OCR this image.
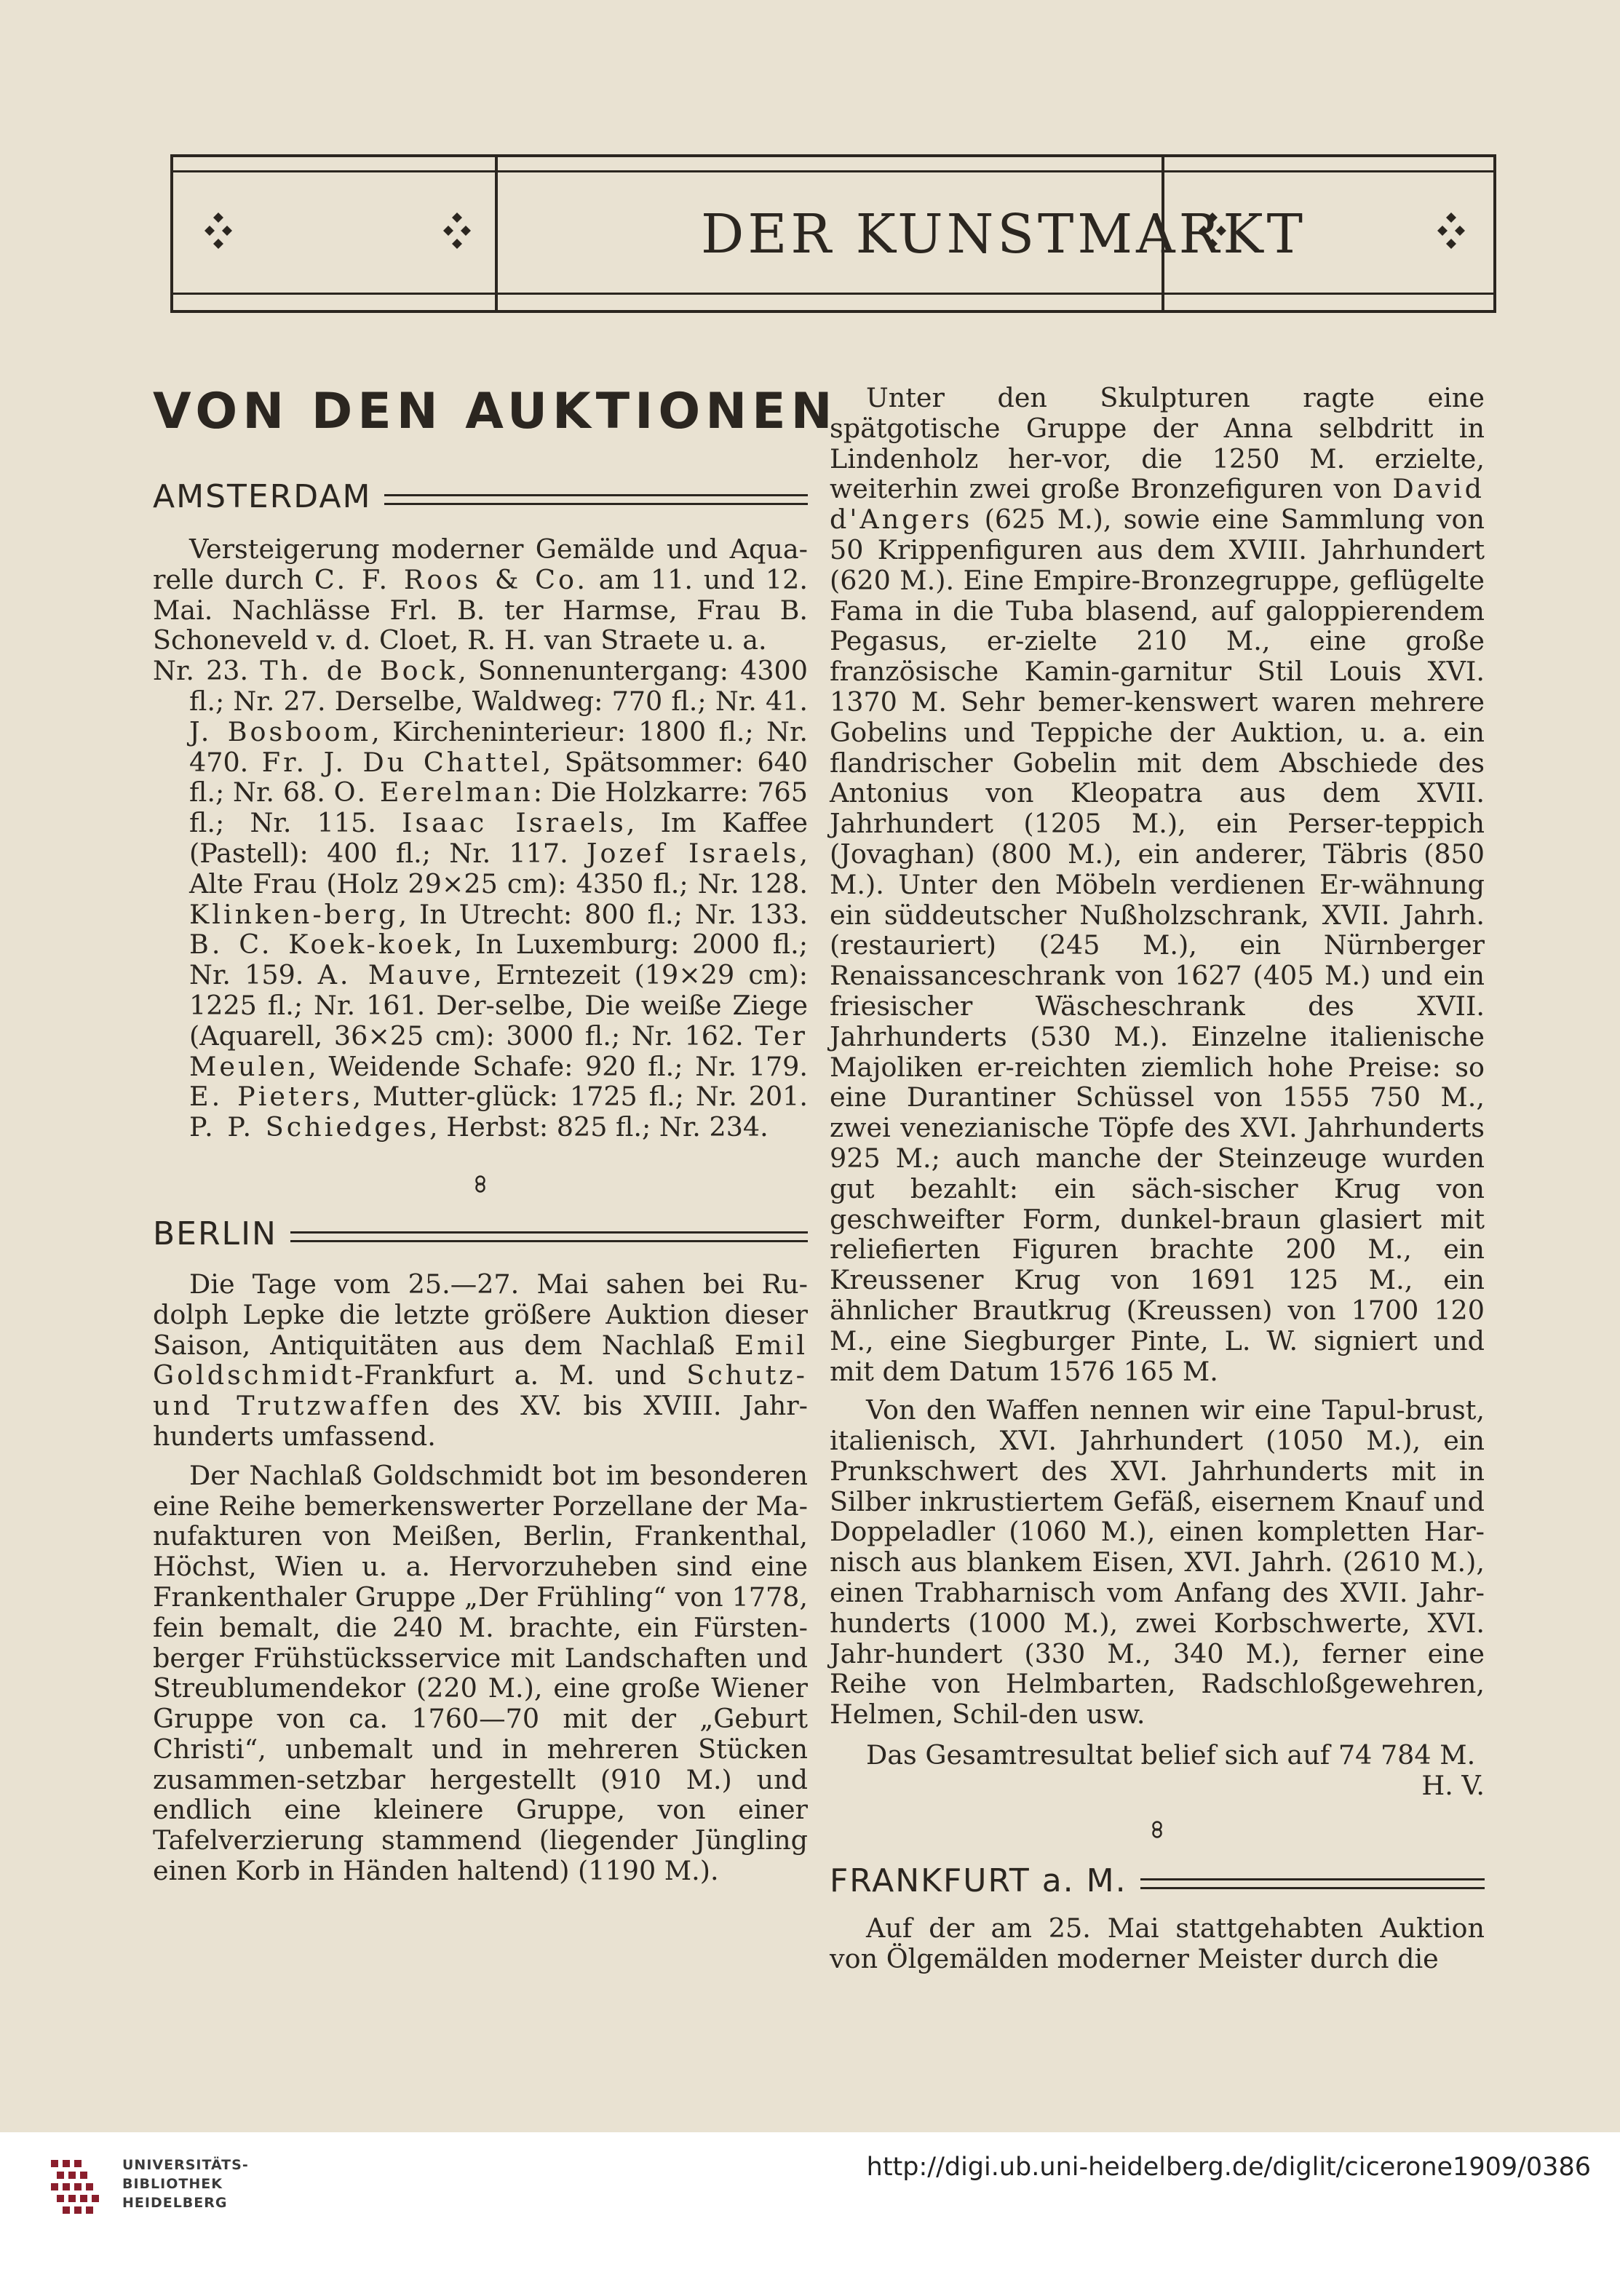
DER KUNSTMARKT
VON DEN AUKTIONEN
AMSTERDAM

Versteigerung moderner Gemälde und Aqua-relle durch C. F. Roos & Co. am 11. und 12. Mai. Nachlässe Frl. B. ter Harmse, Frau B. Schoneveld v. d. Cloet, R. H. van Straete u. a.

Nr. 23. Th. de Bock, Sonnenuntergang: 4300 fl.; Nr. 27. Derselbe, Waldweg: 770 fl.; Nr. 41. J. Bosboom, Kircheninterieur: 1800 fl.; Nr. 470. Fr. J. Du Chattel, Spätsommer: 640 fl.; Nr. 68. O. Eerelman: Die Holzkarre: 765 fl.; Nr. 115. Isaac Israels, Im Kaffee (Pastell): 400 fl.; Nr. 117. Jozef Israels, Alte Frau (Holz 29×25 cm): 4350 fl.; Nr. 128. Klinken-berg, In Utrecht: 800 fl.; Nr. 133. B. C. Koek-koek, In Luxemburg: 2000 fl.; Nr. 159. A. Mauve, Erntezeit (19×29 cm): 1225 fl.; Nr. 161. Der-selbe, Die weiße Ziege (Aquarell, 36×25 cm): 3000 fl.; Nr. 162. Ter Meulen, Weidende Schafe: 920 fl.; Nr. 179. E. Pieters, Mutter-glück: 1725 fl.; Nr. 201. P. P. Schiedges, Herbst: 825 fl.; Nr. 234.

BERLIN

Die Tage vom 25.—27. Mai sahen bei Ru-dolph Lepke die letzte größere Auktion dieser Saison, Antiquitäten aus dem Nachlaß Emil Goldschmidt-Frankfurt a. M. und Schutz- und Trutzwaffen des XV. bis XVIII. Jahr-hunderts umfassend.

Der Nachlaß Goldschmidt bot im besonderen eine Reihe bemerkenswerter Porzellane der Ma-nufakturen von Meißen, Berlin, Frankenthal, Höchst, Wien u. a. Hervorzuheben sind eine Frankenthaler Gruppe „Der Frühling“ von 1778, fein bemalt, die 240 M. brachte, ein Fürsten-berger Frühstücksservice mit Landschaften und Streublumendekor (220 M.), eine große Wiener Gruppe von ca. 1760—70 mit der „Geburt Christi“, unbemalt und in mehreren Stücken zusammen-setzbar hergestellt (910 M.) und endlich eine kleinere Gruppe, von einer Tafelverzierung stammend (liegender Jüngling einen Korb in Händen haltend) (1190 M.).

Unter den Skulpturen ragte eine spätgotische Gruppe der Anna selbdritt in Lindenholz her-vor, die 1250 M. erzielte, weiterhin zwei große Bronzefiguren von David d'Angers (625 M.), sowie eine Sammlung von 50 Krippenfiguren aus dem XVIII. Jahrhundert (620 M.). Eine Empire-Bronzegruppe, geflügelte Fama in die Tuba blasend, auf galoppierendem Pegasus, er-zielte 210 M., eine große französische Kamin-garnitur Stil Louis XVI. 1370 M. Sehr bemer-kenswert waren mehrere Gobelins und Teppiche der Auktion, u. a. ein flandrischer Gobelin mit dem Abschiede des Antonius von Kleopatra aus dem XVII. Jahrhundert (1205 M.), ein Perser-teppich (Jovaghan) (800 M.), ein anderer, Täbris (850 M.). Unter den Möbeln verdienen Er-wähnung ein süddeutscher Nußholzschrank, XVII. Jahrh. (restauriert) (245 M.), ein Nürnberger Renaissanceschrank von 1627 (405 M.) und ein friesischer Wäscheschrank des XVII. Jahrhunderts (530 M.). Einzelne italienische Majoliken er-reichten ziemlich hohe Preise: so eine Durantiner Schüssel von 1555 750 M., zwei venezianische Töpfe des XVI. Jahrhunderts 925 M.; auch manche der Steinzeuge wurden gut bezahlt: ein säch-sischer Krug von geschweifter Form, dunkel-braun glasiert mit reliefierten Figuren brachte 200 M., ein Kreussener Krug von 1691 125 M., ein ähnlicher Brautkrug (Kreussen) von 1700 120 M., eine Siegburger Pinte, L. W. signiert und mit dem Datum 1576 165 M.

Von den Waffen nennen wir eine Tapul-brust, italienisch, XVI. Jahrhundert (1050 M.), ein Prunkschwert des XVI. Jahrhunderts mit in Silber inkrustiertem Gefäß, eisernem Knauf und Doppeladler (1060 M.), einen kompletten Har-nisch aus blankem Eisen, XVI. Jahrh. (2610 M.), einen Trabharnisch vom Anfang des XVII. Jahr-hunderts (1000 M.), zwei Korbschwerte, XVI. Jahr-hundert (330 M., 340 M.), ferner eine Reihe von Helmbarten, Radschloßgewehren, Helmen, Schil-den usw.

Das Gesamtresultat belief sich auf 74 784 M.

H. V.

FRANKFURT a. M.

Auf der am 25. Mai stattgehabten Auktion von Ölgemälden moderner Meister durch die

UNIVERSITÄTS-
BIBLIOTHEK
HEIDELBERG
http://digi.ub.uni-heidelberg.de/diglit/cicerone1909/0386
